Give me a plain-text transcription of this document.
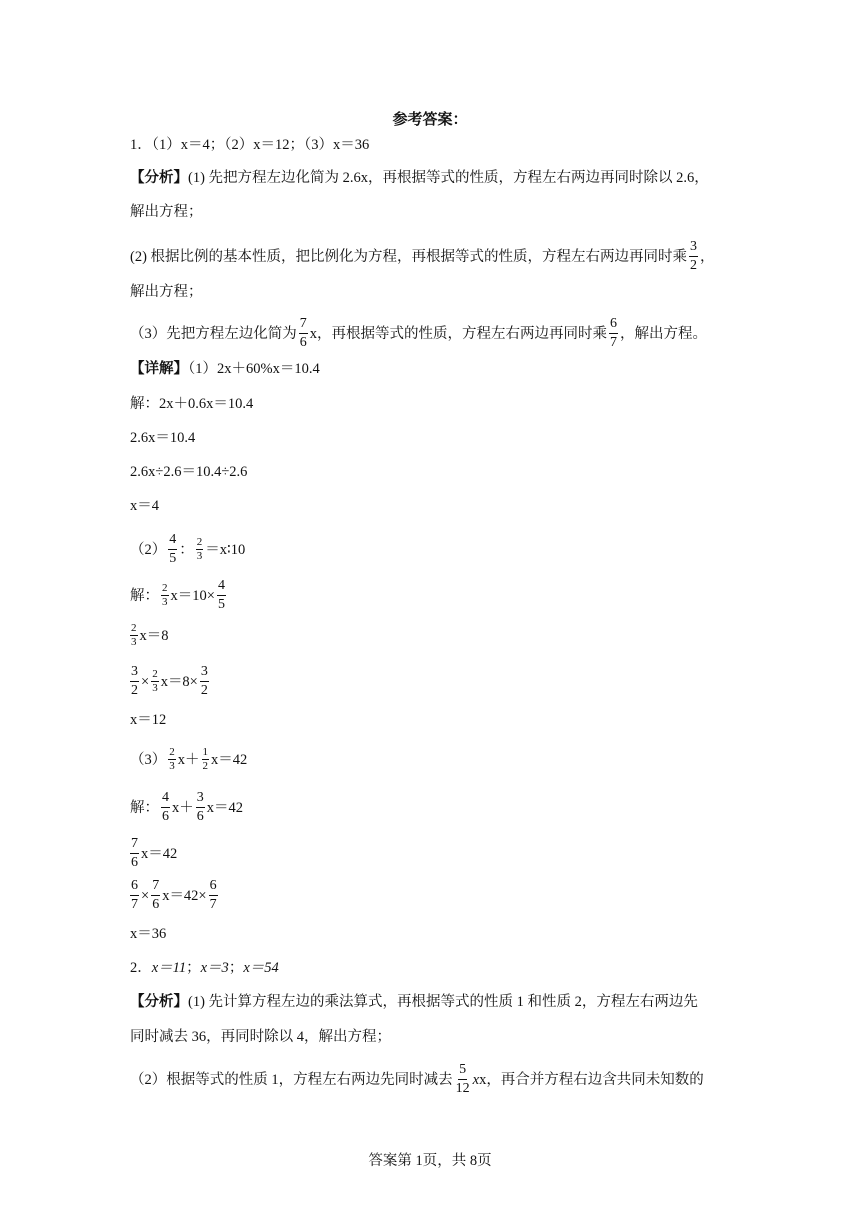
参考答案：
1．（1）x＝4；（2）x＝12；（3）x＝36
【分析】(1) 先把方程左边化简为 2.6x，再根据等式的性质，方程左右两边再同时除以 2.6，
解出方程；
(2) 根据比例的基本性质，把比例化为方程，再根据等式的性质，方程左右两边再同时乘 $\frac{3}{2}$ ，
解出方程；
（3）先把方程左边化简为 $\frac{7}{6}$ x，再根据等式的性质，方程左右两边再同时乘 $\frac{6}{7}$ ，解出方程。
【详解】（1）2x＋60%x＝10.4
解：2x＋0.6x＝10.4
2.6x＝10.4
2.6x÷2.6＝10.4÷2.6
x＝4
$(2) \frac{4}{5}$ ： $\frac{2}{3}$ ＝x∶10
解： $\frac{2}{3} x=10\times \frac{4}{5}$
$\frac{2}{3} x=8$
$\frac{3}{2} \times \frac{2}{3} x=8\times \frac{3}{2}$
x＝12
$(3) \frac{2}{3} x+ \frac{1}{2} x=42$
解： $\frac{4}{6} x+ \frac{3}{6} x=42$
$\frac{7}{6} x=42$
$\frac{6}{7} \times \frac{7}{6} x=42\times \frac{6}{7}$
x＝36
2．x＝11；x＝3；x＝54
【分析】(1) 先计算方程左边的乘法算式，再根据等式的性质 1 和性质 2，方程左右两边先
同时减去 36，再同时除以 4，解出方程；
（2）根据等式的性质 1，方程左右两边先同时减去 $\frac{5}{12}$ xx，再合并方程右边含共同未知数的
答案第 1页，共 8页
